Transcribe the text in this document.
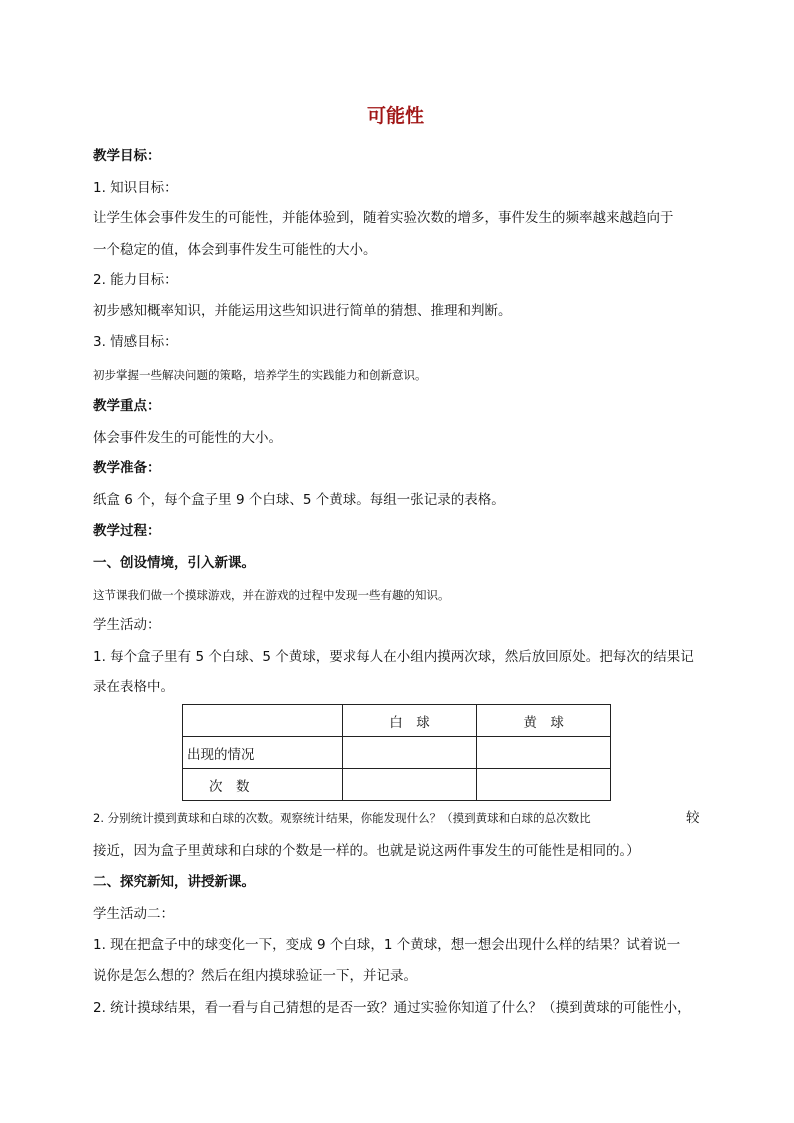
可能性
教学目标：
1. 知识目标：
让学生体会事件发生的可能性，并能体验到，随着实验次数的增多，事件发生的频率越来越趋向于
一个稳定的值，体会到事件发生可能性的大小。
2. 能力目标：
初步感知概率知识，并能运用这些知识进行简单的猜想、推理和判断。
3. 情感目标：
初步掌握一些解决问题的策略，培养学生的实践能力和创新意识。
教学重点：
体会事件发生的可能性的大小。
教学准备：
纸盒 6 个，每个盒子里 9 个白球、5 个黄球。每组一张记录的表格。
教学过程：
一、创设情境，引入新课。
这节课我们做一个摸球游戏，并在游戏的过程中发现一些有趣的知识。
学生活动：
1. 每个盒子里有 5 个白球、5 个黄球，要求每人在小组内摸两次球，然后放回原处。把每次的结果记
录在表格中。
	白　球	黄　球
出现的情况		
次　数		
2. 分别统计摸到黄球和白球的次数。观察统计结果，你能发现什么？（摸到黄球和白球的总次数比	较
接近，因为盒子里黄球和白球的个数是一样的。也就是说这两件事发生的可能性是相同的。）
二、探究新知，讲授新课。
学生活动二：
1. 现在把盒子中的球变化一下，变成 9 个白球，1 个黄球，想一想会出现什么样的结果？试着说一
说你是怎么想的？然后在组内摸球验证一下，并记录。
2. 统计摸球结果，看一看与自己猜想的是否一致？通过实验你知道了什么？（摸到黄球的可能性小，
